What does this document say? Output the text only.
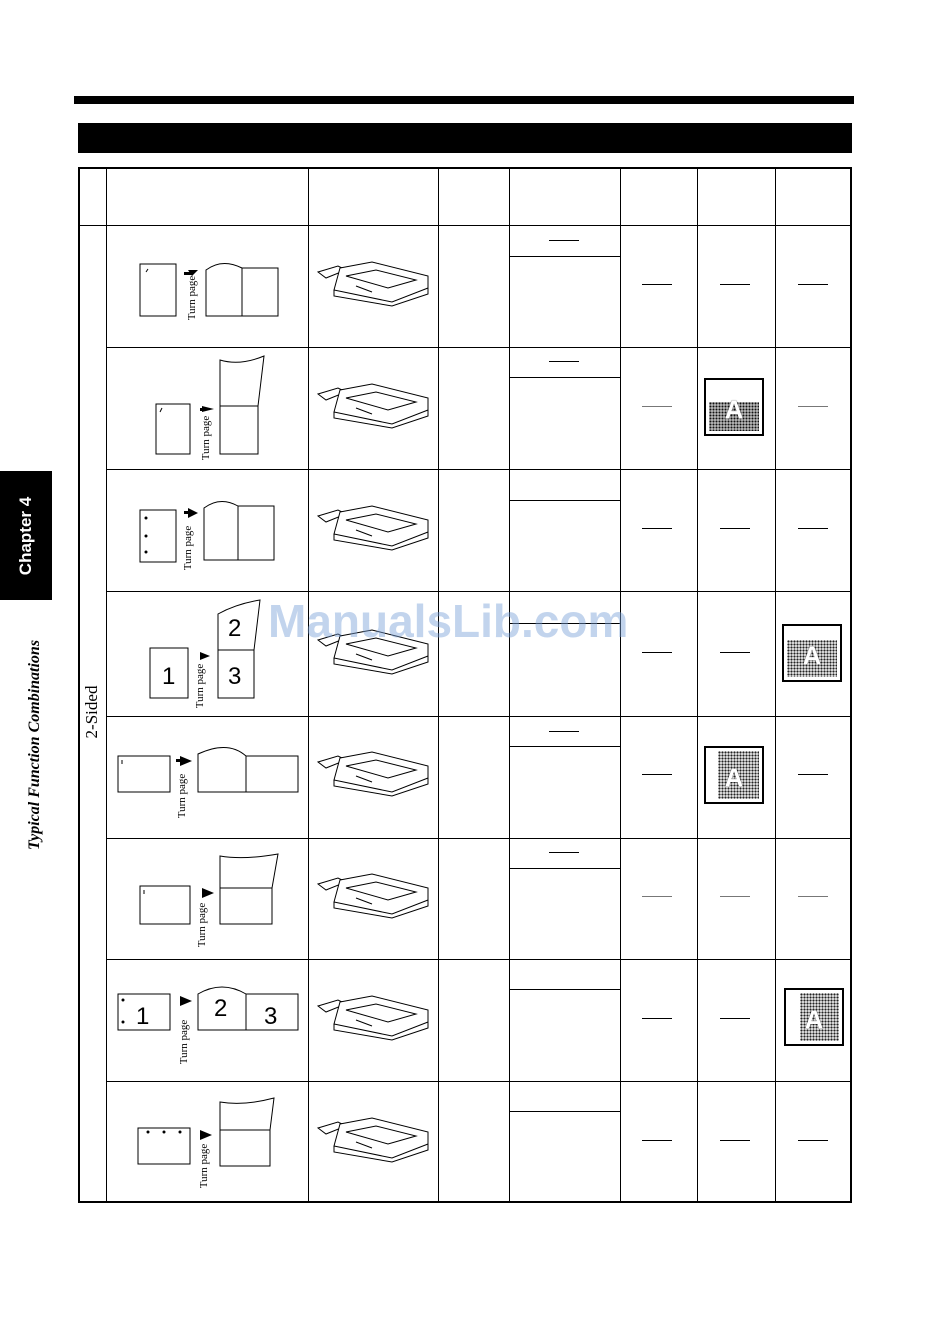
Chapter 4
Typical Function Combinations 2-Sided
A
A
A
A
Turn page
Turn page
Turn page
1
2
3
Turn page
Turn page
Turn page
1	2 3
Turn page
Turn page
ManualsLib.com
